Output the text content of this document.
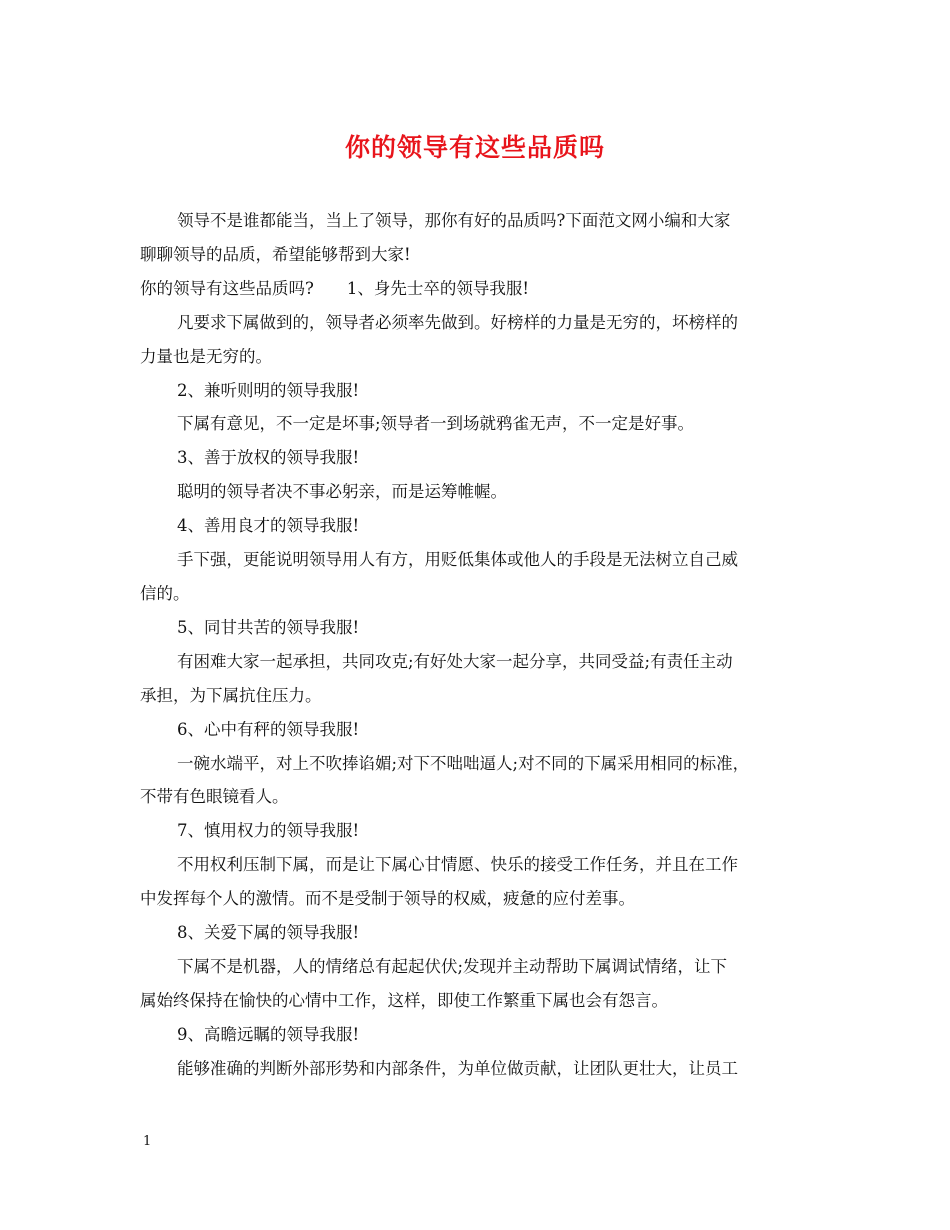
你的领导有这些品质吗

领导不是谁都能当，当上了领导，那你有好的品质吗?下面范文网小编和大家

聊聊领导的品质，希望能够帮到大家!

你的领导有这些品质吗?　　1、身先士卒的领导我服!

凡要求下属做到的，领导者必须率先做到。好榜样的力量是无穷的，坏榜样的

力量也是无穷的。

2、兼听则明的领导我服!

下属有意见，不一定是坏事;领导者一到场就鸦雀无声，不一定是好事。

3、善于放权的领导我服!

聪明的领导者决不事必躬亲，而是运筹帷幄。

4、善用良才的领导我服!

手下强，更能说明领导用人有方，用贬低集体或他人的手段是无法树立自己威

信的。

5、同甘共苦的领导我服!

有困难大家一起承担，共同攻克;有好处大家一起分享，共同受益;有责任主动

承担，为下属抗住压力。

6、心中有秤的领导我服!

一碗水端平，对上不吹捧谄媚;对下不咄咄逼人;对不同的下属采用相同的标准，

不带有色眼镜看人。

7、慎用权力的领导我服!

不用权利压制下属，而是让下属心甘情愿、快乐的接受工作任务，并且在工作

中发挥每个人的激情。而不是受制于领导的权威，疲惫的应付差事。

8、关爱下属的领导我服!

下属不是机器，人的情绪总有起起伏伏;发现并主动帮助下属调试情绪，让下

属始终保持在愉快的心情中工作，这样，即使工作繁重下属也会有怨言。

9、高瞻远瞩的领导我服!

能够准确的判断外部形势和内部条件，为单位做贡献，让团队更壮大，让员工

1
